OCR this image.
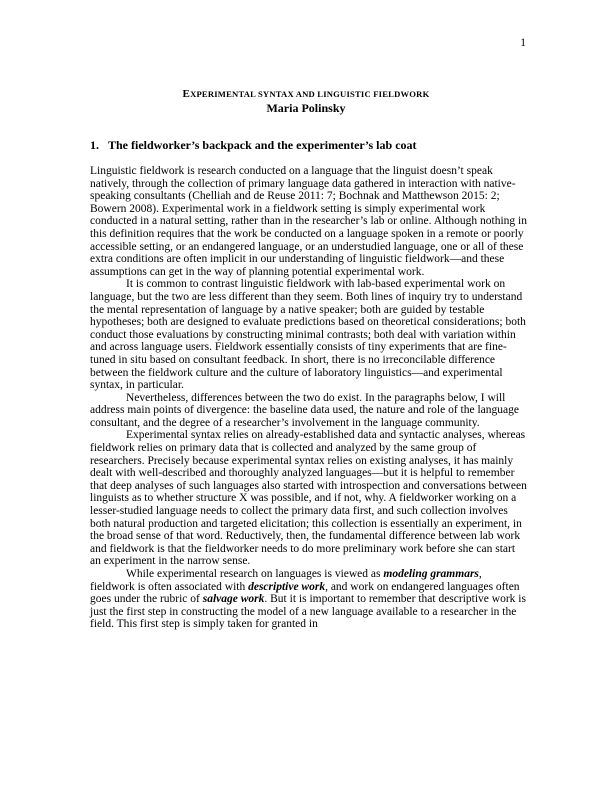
1
EXPERIMENTAL SYNTAX AND LINGUISTIC FIELDWORK
Maria Polinsky
1. The fieldworker’s backpack and the experimenter’s lab coat

Linguistic fieldwork is research conducted on a language that the linguist doesn’t speak natively, through the collection of primary language data gathered in interaction with native-speaking consultants (Chelliah and de Reuse 2011: 7; Bochnak and Matthewson 2015: 2; Bowern 2008). Experimental work in a fieldwork setting is simply experimental work conducted in a natural setting, rather than in the researcher’s lab or online. Although nothing in this definition requires that the work be conducted on a language spoken in a remote or poorly accessible setting, or an endangered language, or an understudied language, one or all of these extra conditions are often implicit in our understanding of linguistic fieldwork—and these assumptions can get in the way of planning potential experimental work.

It is common to contrast linguistic fieldwork with lab-based experimental work on language, but the two are less different than they seem. Both lines of inquiry try to understand the mental representation of language by a native speaker; both are guided by testable hypotheses; both are designed to evaluate predictions based on theoretical considerations; both conduct those evaluations by constructing minimal contrasts; both deal with variation within and across language users. Fieldwork essentially consists of tiny experiments that are fine-tuned in situ based on consultant feedback. In short, there is no irreconcilable difference between the fieldwork culture and the culture of laboratory linguistics—and experimental syntax, in particular.

Nevertheless, differences between the two do exist. In the paragraphs below, I will address main points of divergence: the baseline data used, the nature and role of the language consultant, and the degree of a researcher’s involvement in the language community.

Experimental syntax relies on already-established data and syntactic analyses, whereas fieldwork relies on primary data that is collected and analyzed by the same group of researchers. Precisely because experimental syntax relies on existing analyses, it has mainly dealt with well-described and thoroughly analyzed languages—but it is helpful to remember that deep analyses of such languages also started with introspection and conversations between linguists as to whether structure X was possible, and if not, why. A fieldworker working on a lesser-studied language needs to collect the primary data first, and such collection involves both natural production and targeted elicitation; this collection is essentially an experiment, in the broad sense of that word. Reductively, then, the fundamental difference between lab work and fieldwork is that the fieldworker needs to do more preliminary work before she can start an experiment in the narrow sense.

While experimental research on languages is viewed as modeling grammars, fieldwork is often associated with descriptive work, and work on endangered languages often goes under the rubric of salvage work. But it is important to remember that descriptive work is just the first step in constructing the model of a new language available to a researcher in the field. This first step is simply taken for granted in
